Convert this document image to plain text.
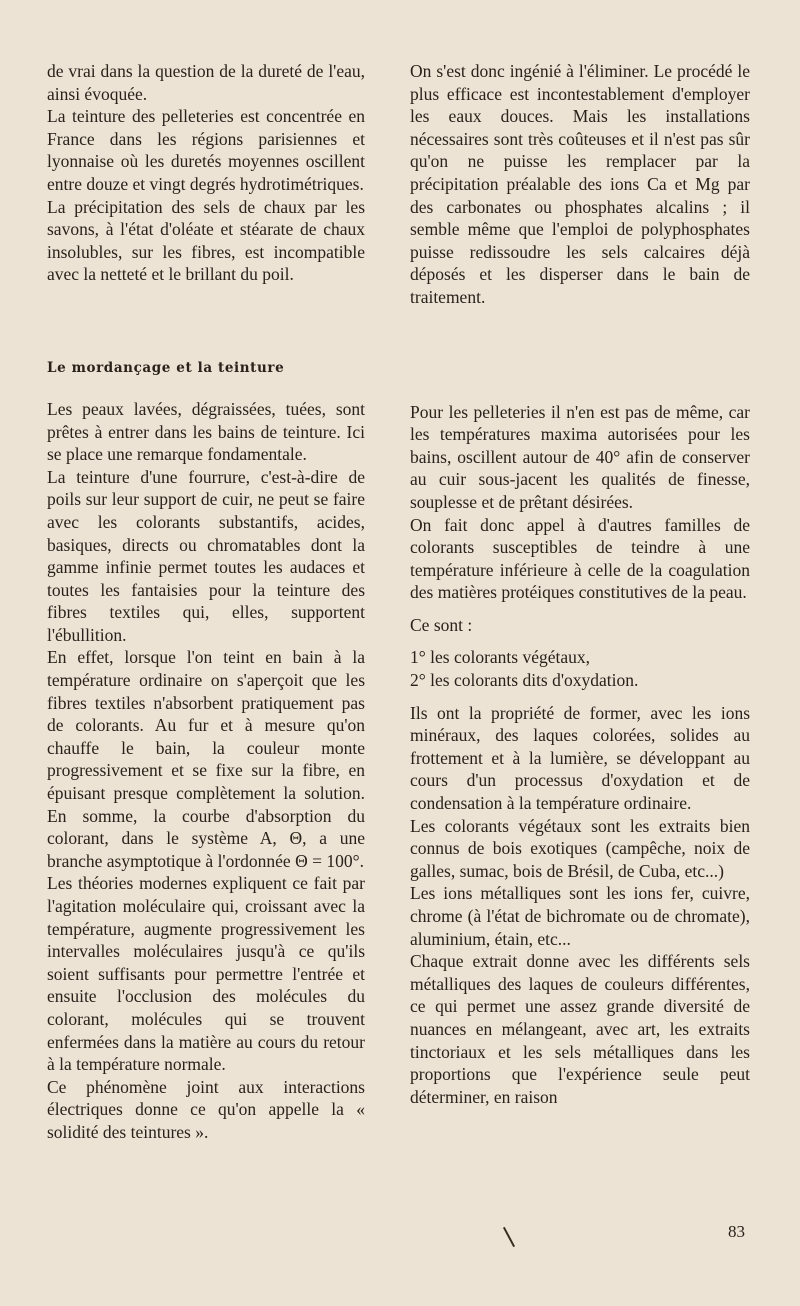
de vrai dans la question de la dureté de l'eau, ainsi évoquée.

La teinture des pelleteries est concentrée en France dans les régions parisiennes et lyonnaise où les duretés moyennes oscillent entre douze et vingt degrés hydrotimétriques.

La précipitation des sels de chaux par les savons, à l'état d'oléate et stéarate de chaux insolubles, sur les fibres, est incompatible avec la netteté et le brillant du poil.

Le mordançage et la teinture

Les peaux lavées, dégraissées, tuées, sont prêtes à entrer dans les bains de teinture. Ici se place une remarque fondamentale.

La teinture d'une fourrure, c'est-à-dire de poils sur leur support de cuir, ne peut se faire avec les colorants substantifs, acides, basiques, directs ou chromatables dont la gamme infinie permet toutes les audaces et toutes les fantaisies pour la teinture des fibres textiles qui, elles, supportent l'ébullition.

En effet, lorsque l'on teint en bain à la température ordinaire on s'aperçoit que les fibres textiles n'absorbent pratiquement pas de colorants. Au fur et à mesure qu'on chauffe le bain, la couleur monte progressivement et se fixe sur la fibre, en épuisant presque complètement la solution. En somme, la courbe d'absorption du colorant, dans le système A, Θ, a une branche asymptotique à l'ordonnée Θ = 100°.

Les théories modernes expliquent ce fait par l'agitation moléculaire qui, croissant avec la température, augmente progressivement les intervalles moléculaires jusqu'à ce qu'ils soient suffisants pour permettre l'entrée et ensuite l'occlusion des molécules du colorant, molécules qui se trouvent enfermées dans la matière au cours du retour à la température normale.

Ce phénomène joint aux interactions électriques donne ce qu'on appelle la « solidité des teintures ».

On s'est donc ingénié à l'éliminer. Le procédé le plus efficace est incontestablement d'employer les eaux douces. Mais les installations nécessaires sont très coûteuses et il n'est pas sûr qu'on ne puisse les remplacer par la précipitation préalable des ions Ca et Mg par des carbonates ou phosphates alcalins ; il semble même que l'emploi de polyphosphates puisse redissoudre les sels calcaires déjà déposés et les disperser dans le bain de traitement.

Pour les pelleteries il n'en est pas de même, car les températures maxima autorisées pour les bains, oscillent autour de 40° afin de conserver au cuir sous-jacent les qualités de finesse, souplesse et de prêtant désirées.

On fait donc appel à d'autres familles de colorants susceptibles de teindre à une température inférieure à celle de la coagulation des matières protéiques constitutives de la peau.

Ce sont :

1° les colorants végétaux,

2° les colorants dits d'oxydation.

Ils ont la propriété de former, avec les ions minéraux, des laques colorées, solides au frottement et à la lumière, se développant au cours d'un processus d'oxydation et de condensation à la température ordinaire.

Les colorants végétaux sont les extraits bien connus de bois exotiques (campêche, noix de galles, sumac, bois de Brésil, de Cuba, etc...)

Les ions métalliques sont les ions fer, cuivre, chrome (à l'état de bichromate ou de chromate), aluminium, étain, etc...

Chaque extrait donne avec les différents sels métalliques des laques de couleurs différentes, ce qui permet une assez grande diversité de nuances en mélangeant, avec art, les extraits tinctoriaux et les sels métalliques dans les proportions que l'expérience seule peut déterminer, en raison

83
